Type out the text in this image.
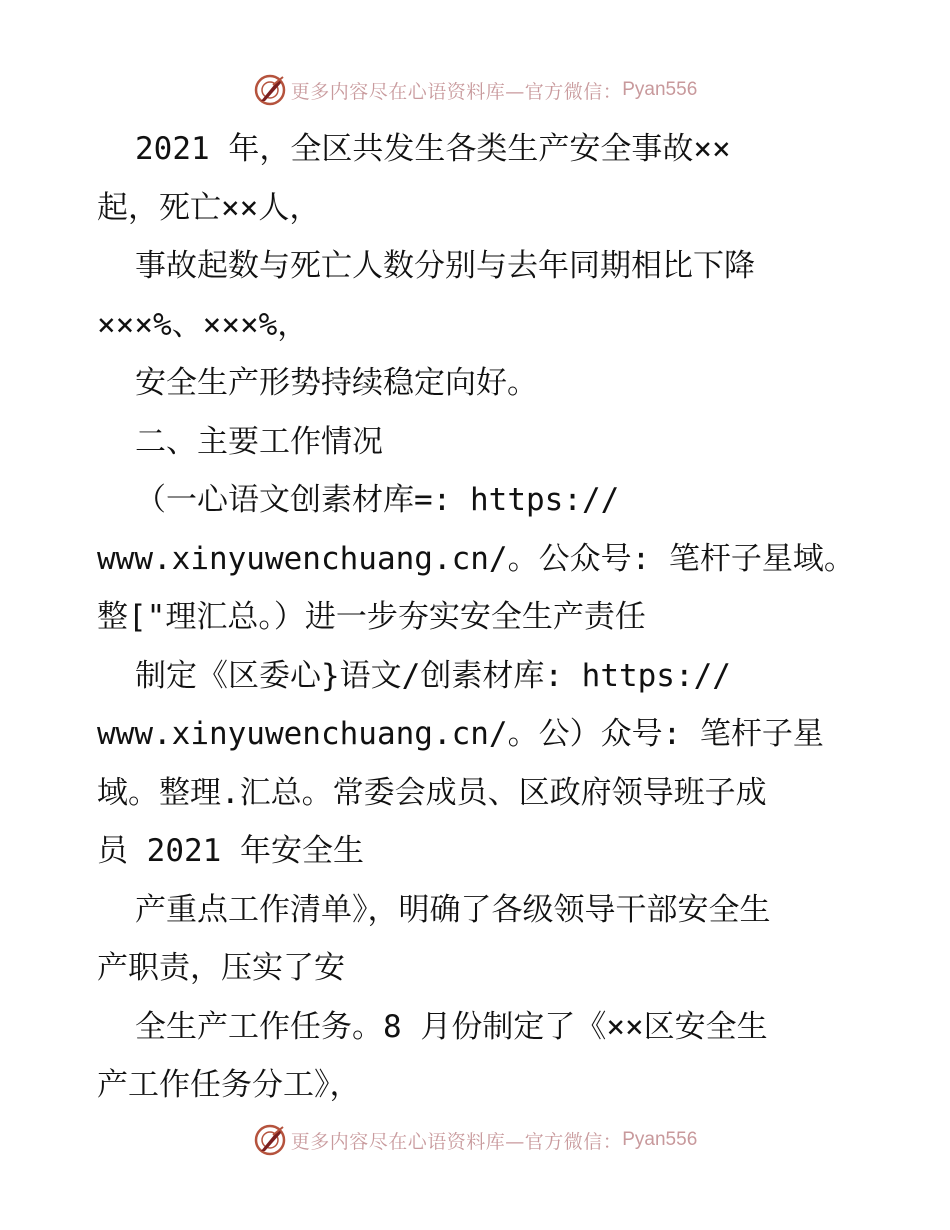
更多内容尽在心语资料库—官方微信： Pyan556
2021 年，全区共发生各类生产安全事故××
起，死亡××人，
事故起数与死亡人数分别与去年同期相比下降
×××%、×××%，
安全生产形势持续稳定向好。
二、主要工作情况
（一心语文创素材库=: https://
www.xinyuwenchuang.cn/。公众号: 笔杆子星域。
整["理汇总。）进一步夯实安全生产责任
制定《区委心}语文/创素材库: https://
www.xinyuwenchuang.cn/。公）众号: 笔杆子星
域。整理.汇总。常委会成员、区政府领导班子成
员 2021 年安全生
产重点工作清单》，明确了各级领导干部安全生
产职责，压实了安
全生产工作任务。8 月份制定了《××区安全生
产工作任务分工》，
更多内容尽在心语资料库—官方微信： Pyan556
